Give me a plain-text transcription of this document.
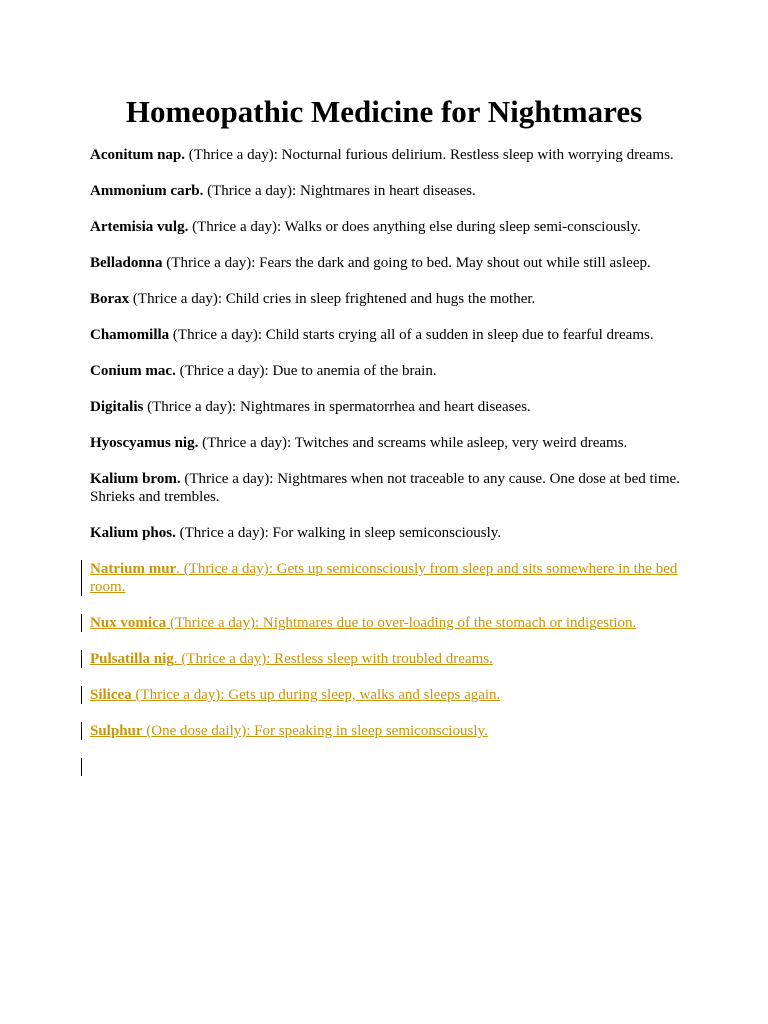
Homeopathic Medicine for Nightmares

Aconitum nap. (Thrice a day): Nocturnal furious delirium. Restless sleep with worrying dreams.

Ammonium carb. (Thrice a day): Nightmares in heart diseases.

Artemisia vulg. (Thrice a day): Walks or does anything else during sleep semi-consciously.

Belladonna (Thrice a day): Fears the dark and going to bed. May shout out while still asleep.

Borax (Thrice a day): Child cries in sleep frightened and hugs the mother.

Chamomilla (Thrice a day): Child starts crying all of a sudden in sleep due to fearful dreams.

Conium mac. (Thrice a day): Due to anemia of the brain.

Digitalis (Thrice a day): Nightmares in spermatorrhea and heart diseases.

Hyoscyamus nig. (Thrice a day): Twitches and screams while asleep, very weird dreams.

Kalium brom. (Thrice a day): Nightmares when not traceable to any cause. One dose at bed time. Shrieks and trembles.

Kalium phos. (Thrice a day): For walking in sleep semiconsciously.

Natrium mur. (Thrice a day): Gets up semiconsciously from sleep and sits somewhere in the bed room.

Nux vomica (Thrice a day): Nightmares due to over-loading of the stomach or indigestion.

Pulsatilla nig. (Thrice a day): Restless sleep with troubled dreams.

Silicea (Thrice a day): Gets up during sleep, walks and sleeps again.

Sulphur (One dose daily): For speaking in sleep semiconsciously.
